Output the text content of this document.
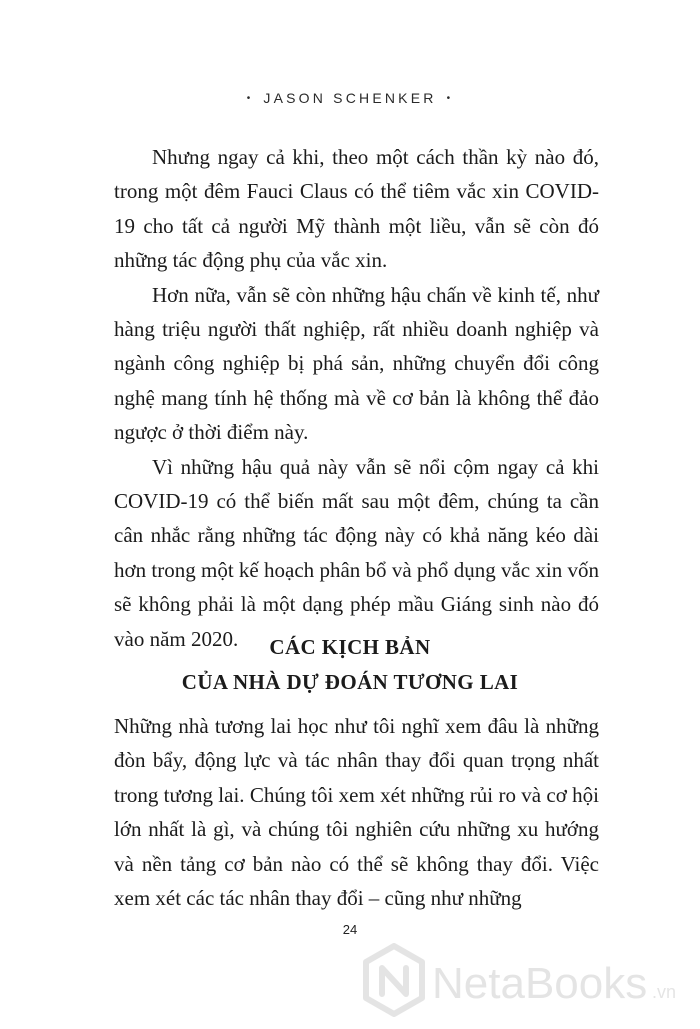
• JASON SCHENKER •

Nhưng ngay cả khi, theo một cách thần kỳ nào đó, trong một đêm Fauci Claus có thể tiêm vắc xin COVID-19 cho tất cả người Mỹ thành một liều, vẫn sẽ còn đó những tác động phụ của vắc xin.

Hơn nữa, vẫn sẽ còn những hậu chấn về kinh tế, như hàng triệu người thất nghiệp, rất nhiều doanh nghiệp và ngành công nghiệp bị phá sản, những chuyển đổi công nghệ mang tính hệ thống mà về cơ bản là không thể đảo ngược ở thời điểm này.

Vì những hậu quả này vẫn sẽ nổi cộm ngay cả khi COVID-19 có thể biến mất sau một đêm, chúng ta cần cân nhắc rằng những tác động này có khả năng kéo dài hơn trong một kế hoạch phân bổ và phổ dụng vắc xin vốn sẽ không phải là một dạng phép mầu Giáng sinh nào đó vào năm 2020.	CÁC KỊCH BẢN
CỦA NHÀ DỰ ĐOÁN TƯƠNG LAI

Những nhà tương lai học như tôi nghĩ xem đâu là những đòn bẩy, động lực và tác nhân thay đổi quan trọng nhất trong tương lai. Chúng tôi xem xét những rủi ro và cơ hội lớn nhất là gì, và chúng tôi nghiên cứu những xu hướng và nền tảng cơ bản nào có thể sẽ không thay đổi. Việc xem xét các tác nhân thay đổi – cũng như những

24
NetaBooks .vn
